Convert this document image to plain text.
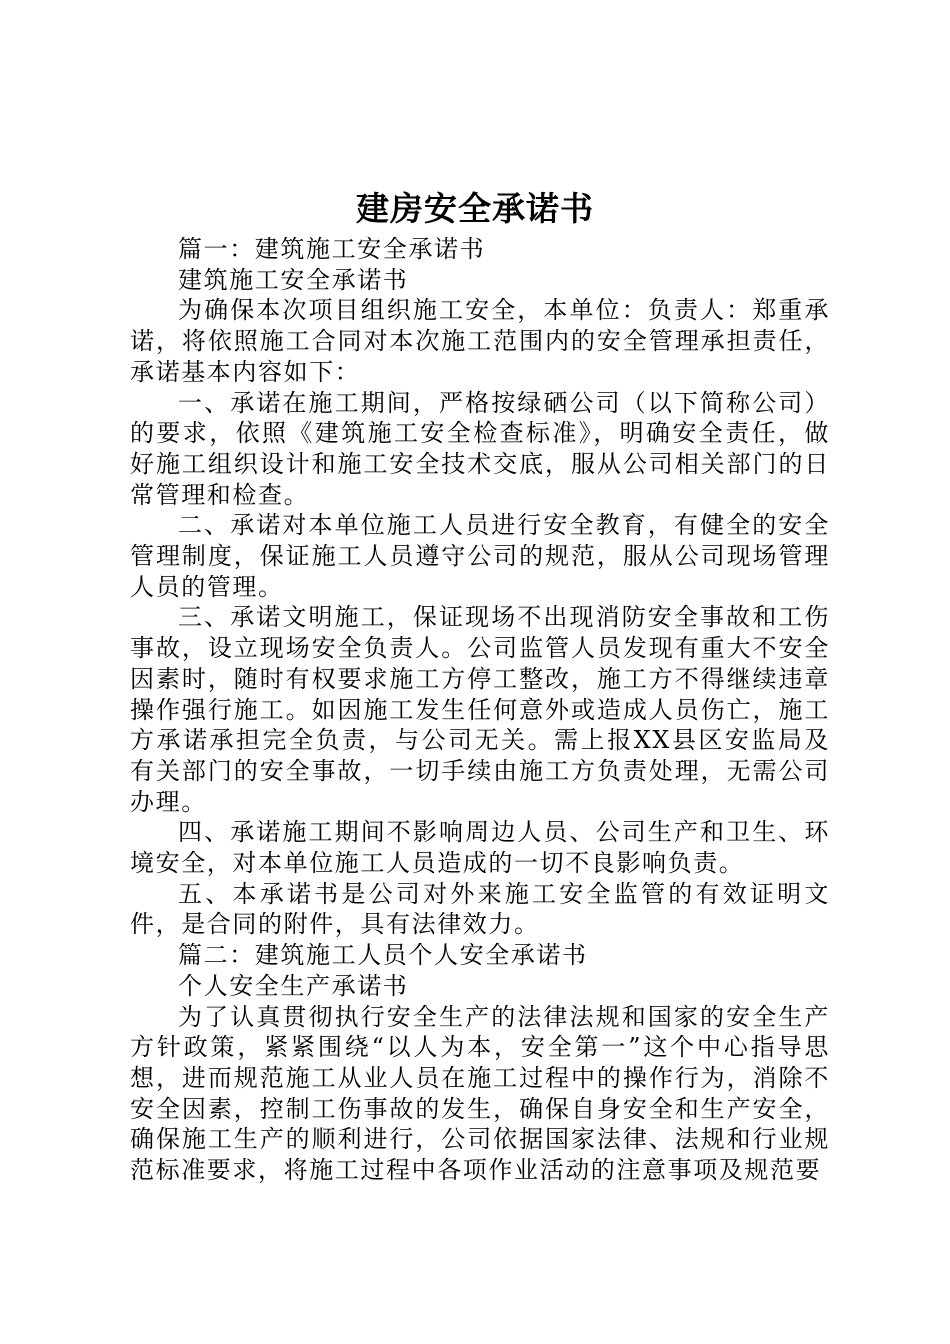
建房安全承诺书

篇一：建筑施工安全承诺书

建筑施工安全承诺书

为确保本次项目组织施工安全，本单位：负责人：郑重承诺，将依照施工合同对本次施工范围内的安全管理承担责任，承诺基本内容如下：

一、承诺在施工期间，严格按绿硒公司（以下简称公司）的要求，依照《建筑施工安全检查标准》，明确安全责任，做好施工组织设计和施工安全技术交底，服从公司相关部门的日常管理和检查。

二、承诺对本单位施工人员进行安全教育，有健全的安全管理制度，保证施工人员遵守公司的规范，服从公司现场管理人员的管理。

三、承诺文明施工，保证现场不出现消防安全事故和工伤事故，设立现场安全负责人。公司监管人员发现有重大不安全因素时，随时有权要求施工方停工整改，施工方不得继续违章操作强行施工。如因施工发生任何意外或造成人员伤亡，施工方承诺承担完全负责，与公司无关。需上报XX县区安监局及有关部门的安全事故，一切手续由施工方负责处理，无需公司办理。

四、承诺施工期间不影响周边人员、公司生产和卫生、环境安全，对本单位施工人员造成的一切不良影响负责。

五、本承诺书是公司对外来施工安全监管的有效证明文件，是合同的附件，具有法律效力。

篇二：建筑施工人员个人安全承诺书

个人安全生产承诺书

为了认真贯彻执行安全生产的法律法规和国家的安全生产方针政策，紧紧围绕“以人为本，安全第一”这个中心指导思想，进而规范施工从业人员在施工过程中的操作行为，消除不安全因素，控制工伤事故的发生，确保自身安全和生产安全，确保施工生产的顺利进行，公司依据国家法律、法规和行业规范标准要求，将施工过程中各项作业活动的注意事项及规范要
